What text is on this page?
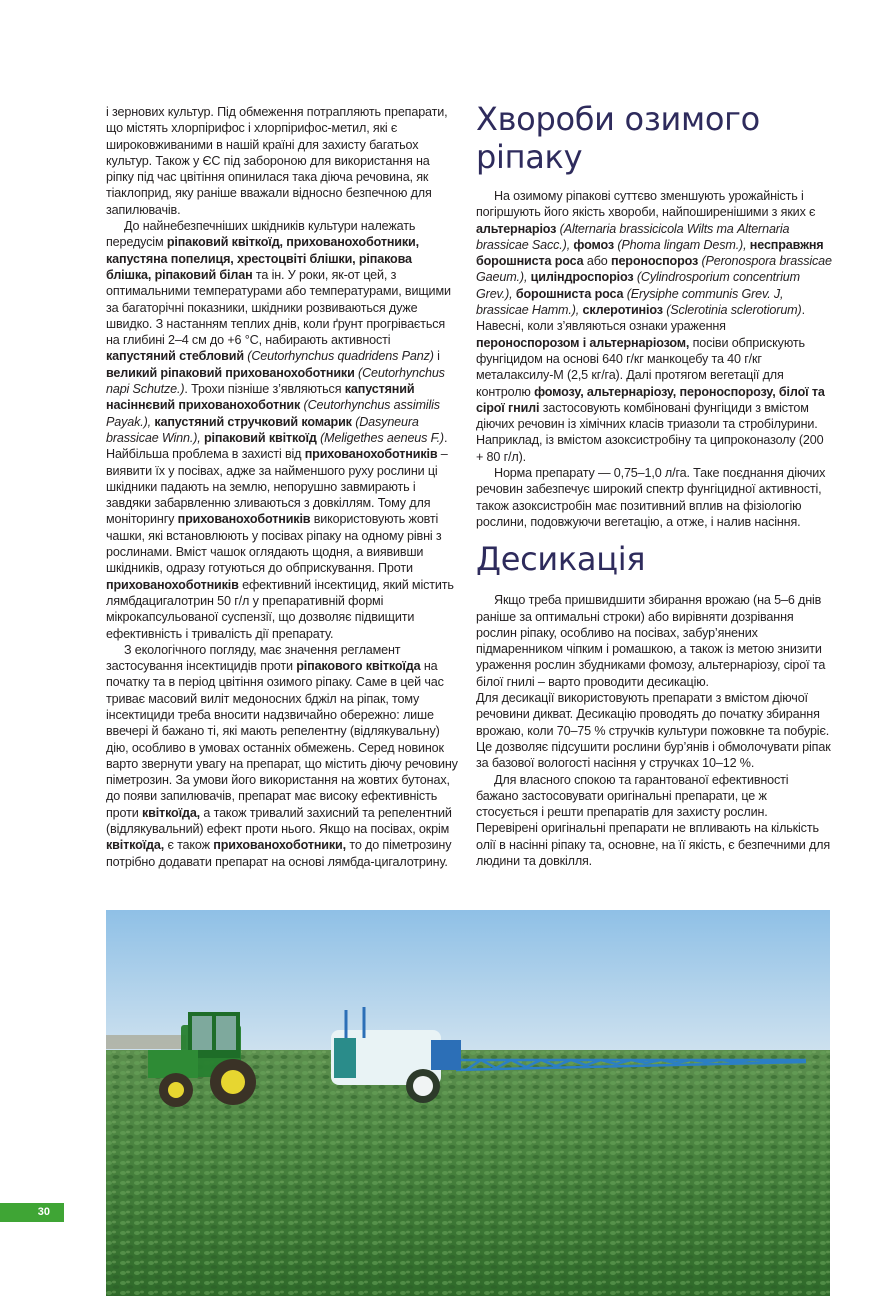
і зернових культур. Під обмеження потрапляють препарати, що містять хлорпірифос і хлорпірифос-метил, які є широковживаними в нашій країні для захисту багатьох культур. Також у ЄС під забороною для використання на ріпку під час цвітіння опинилася така діюча речовина, як тіаклоприд, яку раніше вважали відносно безпечною для запилювачів.

До найнебезпечніших шкідників культури належать передусім ріпаковий квіткоїд, прихованохоботники, капустяна попелиця, хрестоцвіті блішки, ріпакова блішка, ріпаковий білан та ін. У роки, як-от цей, з оптимальними температурами або температурами, вищими за багаторічні показники, шкідники розвиваються дуже швидко. З настанням теплих днів, коли ґрунт прогрівається на глибині 2–4 см до +6 °С, набирають активності капустяний стебловий (Ceutorhynchus quadridens Panz) і великий ріпаковий прихованохоботники (Ceutorhynchus napi Schutze.). Трохи пізніше з’являються капустяний насіннєвий прихованохоботник (Ceutorhynchus assimilis Payak.), капустяний стручковий комарик (Dasyneura brassicae Winn.), ріпаковий квіткоїд (Meligethes aeneus F.). Найбільша проблема в захисті від прихованохоботників – виявити їх у посівах, адже за найменшого руху рослини ці шкідники падають на землю, непорушно завмирають і завдяки забарвленню зливаються з довкіллям. Тому для моніторингу прихованохоботників використовують жовті чашки, які встановлюють у посівах ріпаку на одному рівні з рослинами. Вміст чашок оглядають щодня, а виявивши шкідників, одразу готуються до обприскування. Проти прихованохоботників ефективний інсектицид, який містить лямбдацигалотрин 50 г/л у препаративній формі мікрокапсульованої суспензії, що дозволяє підвищити ефективність і тривалість дії препарату.

З екологічного погляду, має значення регламент застосування інсектицидів проти ріпакового квіткоїда на початку та в період цвітіння озимого ріпаку. Саме в цей час триває масовий виліт медоносних бджіл на ріпак, тому інсектициди треба вносити надзвичайно обережно: лише ввечері й бажано ті, які мають репелентну (відлякувальну) дію, особливо в умовах останніх обмежень. Серед новинок варто звернути увагу на препарат, що містить діючу речовину піметрозин. За умови його використання на жовтих бутонах, до появи запилювачів, препарат має високу ефективність проти квіткоїда, а також тривалий захисний та репелентний (відлякувальний) ефект проти нього. Якщо на посівах, окрім квіткоїда, є також прихованохоботники, то до піметрозину потрібно додавати препарат на основі лямбда-цигалотрину.

Хвороби озимого ріпаку

На озимому ріпакові суттєво зменшують урожайність і погіршують його якість хвороби, найпоширенішими з яких є альтернаріоз (Alternaria brassicicola Wilts та Alternaria brassicae Sacc.), фомоз (Phoma lingam Desm.), несправжня борошниста роса або пероноспороз (Peronospora brassicae Gaeum.), циліндроспоріоз (Cylindrosporium concentrium Grev.), борошниста роса (Erysiphe communis Grev. J, brassicae Hamm.), склеротиніоз (Sclerotinia sclerotiorum). Навесні, коли з’являються ознаки ураження пероноспорозом і альтернаріозом, посіви обприскують фунгіцидом на основі 640 г/кг манкоцебу та 40 г/кг металаксилу-М (2,5 кг/га). Далі протягом вегетації для контролю фомозу, альтернаріозу, пероноспорозу, білої та сірої гнилі застосовують комбіновані фунгіциди з вмістом діючих речовин із хімічних класів триазоли та стробілурини. Наприклад, із вмістом азоксистробіну та ципроконазолу (200 + 80 г/л).

Норма препарату — 0,75–1,0 л/га. Таке поєднання діючих речовин забезпечує широкий спектр фунгіцидної активності, також азоксистробін має позитивний вплив на фізіологію рослини, подовжуючи вегетацію, а отже, і налив насіння.

Десикація

Якщо треба пришвидшити збирання врожаю (на 5–6 днів раніше за оптимальні строки) або вирівняти дозрівання рослин ріпаку, особливо на посівах, забур’янених підмаренником чіпким і ромашкою, а також із метою знизити ураження рослин збудниками фомозу, альтернаріозу, сірої та білої гнилі – варто проводити десикацію.

Для десикації використовують препарати з вмістом діючої речовини дикват. Десикацію проводять до початку збирання врожаю, коли 70–75 % стручків культури пожовкне та побуріє. Це дозволяє підсушити рослини бур’янів і обмолочувати ріпак за базової вологості насіння у стручках 10–12 %.

Для власного спокою та гарантованої ефективності бажано застосовувати оригінальні препарати, це ж стосується і решти препаратів для захисту рослин. Перевірені оригінальні препарати не впливають на кількість олії в насінні ріпаку та, основне, на її якість, є безпечними для людини та довкілля.

30
